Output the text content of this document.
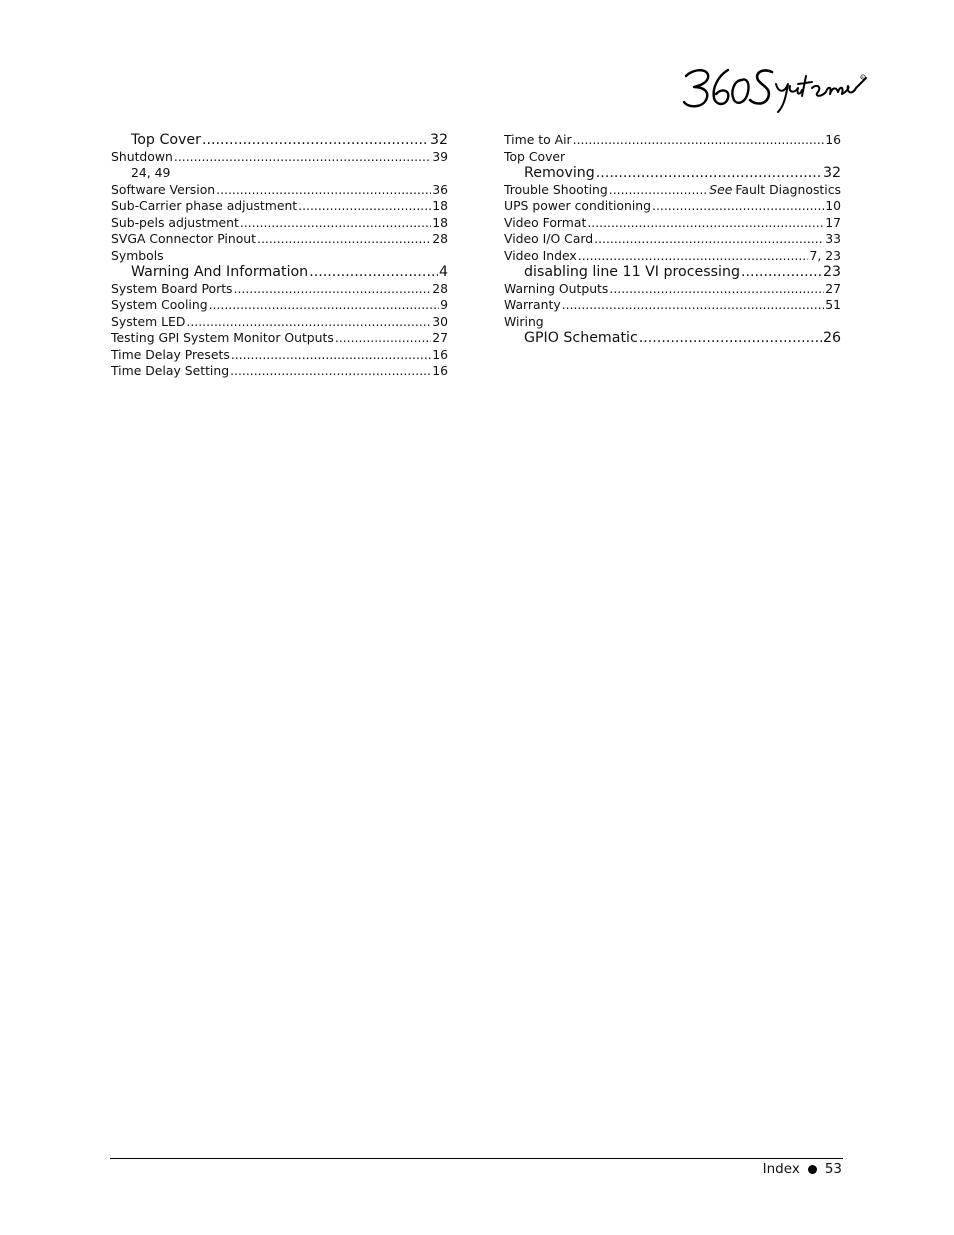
R
Top Cover .....	32
Shutdown .....	39
24, 49
Software Version .....	36
Sub-Carrier phase adjustment .....	18
Sub-pels adjustment .....	18
SVGA Connector Pinout .....	28
Symbols
Warning And Information .....	4
System Board Ports .....	28
System Cooling .....	9
System LED .....	30
Testing GPI System Monitor Outputs .....	27
Time Delay Presets .....	16
Time Delay Setting .....	16
Time to Air .....	16
Top Cover
Removing .....	32
Trouble Shooting .....	See Fault Diagnostics
UPS power conditioning .....	10
Video Format .....	17
Video I/O Card .....	33
Video Index .....	7, 23
disabling line 11 VI processing .....	23
Warning Outputs .....	27
Warranty .....	51
Wiring
GPIO Schematic .....	26
Index 53
